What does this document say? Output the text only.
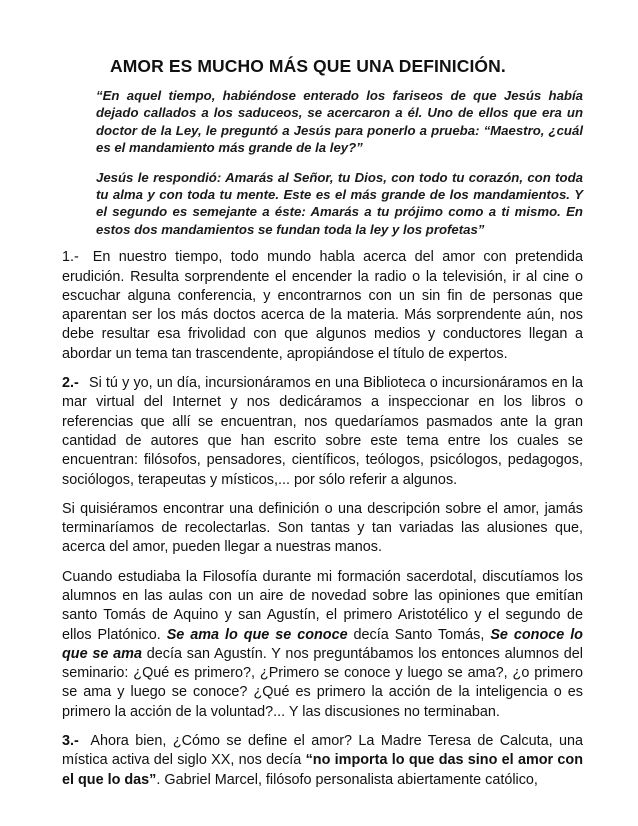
AMOR ES MUCHO MÁS QUE UNA DEFINICIÓN.

“En aquel tiempo, habiéndose enterado los fariseos de que Jesús había dejado callados a los saduceos, se acercaron a él. Uno de ellos que era un doctor de la Ley, le preguntó a Jesús para ponerlo a prueba: “Maestro, ¿cuál es el mandamiento más grande de la ley?”

Jesús le respondió: Amarás al Señor, tu Dios, con todo tu corazón, con toda tu alma y con toda tu mente. Este es el más grande de los mandamientos. Y el segundo es semejante a éste: Amarás a tu prójimo como a ti mismo. En estos dos mandamientos se fundan toda la ley y los profetas”

1.- En nuestro tiempo, todo mundo habla acerca del amor con pretendida erudición. Resulta sorprendente el encender la radio o la televisión, ir al cine o escuchar alguna conferencia, y encontrarnos con un sin fin de personas que aparentan ser los más doctos acerca de la materia. Más sorprendente aún, nos debe resultar esa frivolidad con que algunos medios y conductores llegan a abordar un tema tan trascendente, apropiándose el título de expertos.

2.- Si tú y yo, un día, incursionáramos en una Biblioteca o incursionáramos en la mar virtual del Internet y nos dedicáramos a inspeccionar en los libros o referencias que allí se encuentran, nos quedaríamos pasmados ante la gran cantidad de autores que han escrito sobre este tema entre los cuales se encuentran: filósofos, pensadores, científicos, teólogos, psicólogos, pedagogos, sociólogos, terapeutas y místicos,... por sólo referir a algunos.

Si quisiéramos encontrar una definición o una descripción sobre el amor, jamás terminaríamos de recolectarlas. Son tantas y tan variadas las alusiones que, acerca del amor, pueden llegar a nuestras manos.

Cuando estudiaba la Filosofía durante mi formación sacerdotal, discutíamos los alumnos en las aulas con un aire de novedad sobre las opiniones que emitían santo Tomás de Aquino y san Agustín, el primero Aristotélico y el segundo de ellos Platónico. Se ama lo que se conoce decía Santo Tomás, Se conoce lo que se ama decía san Agustín. Y nos preguntábamos los entonces alumnos del seminario: ¿Qué es primero?, ¿Primero se conoce y luego se ama?, ¿o primero se ama y luego se conoce? ¿Qué es primero la acción de la inteligencia o es primero la acción de la voluntad?... Y las discusiones no terminaban.

3.- Ahora bien, ¿Cómo se define el amor? La Madre Teresa de Calcuta, una mística activa del siglo XX, nos decía “no importa lo que das sino el amor con el que lo das”. Gabriel Marcel, filósofo personalista abiertamente católico,
